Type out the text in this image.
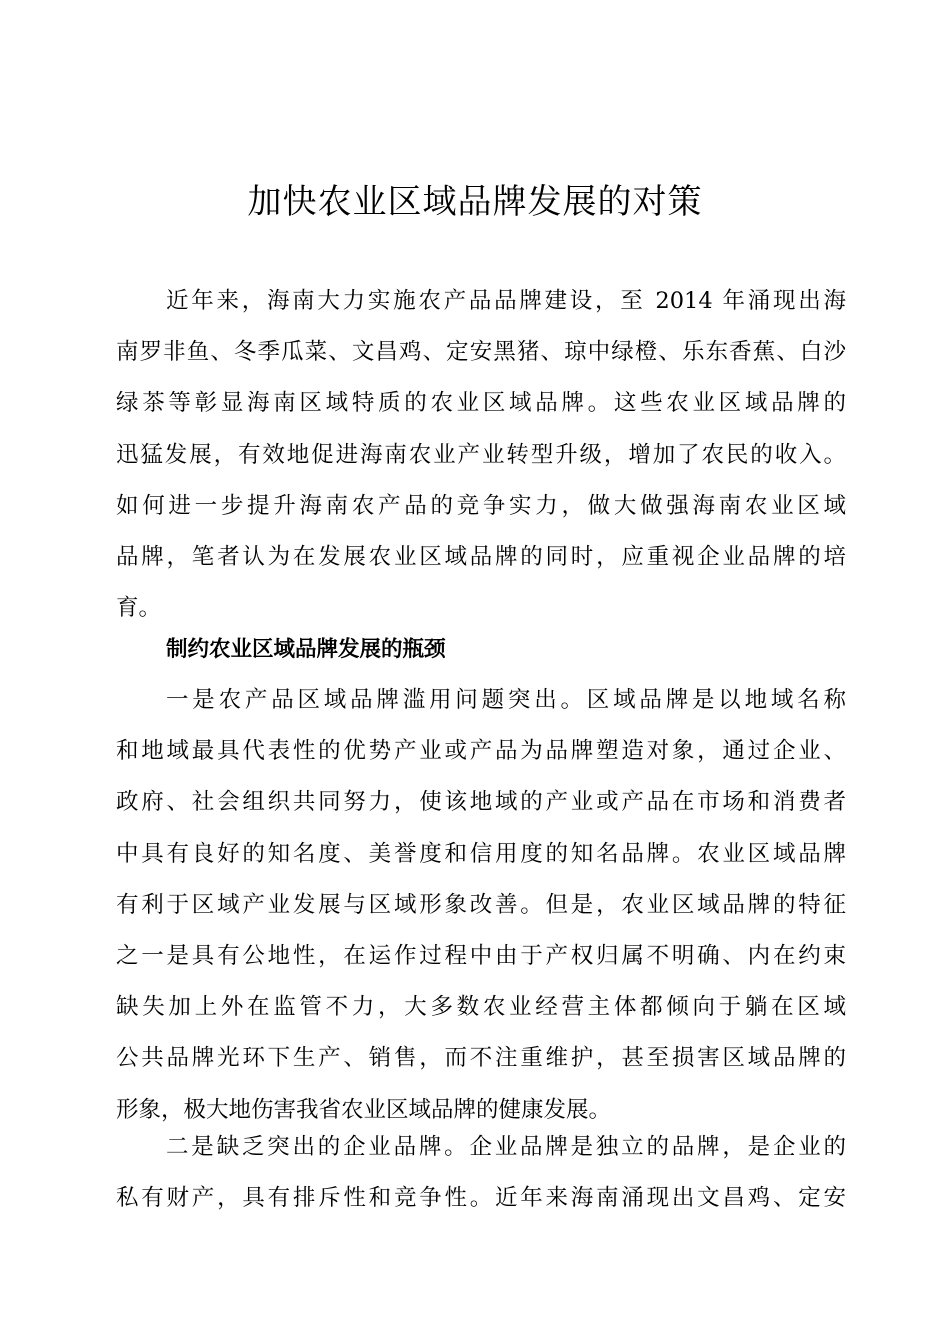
加快农业区域品牌发展的对策
近年来，海南大力实施农产品品牌建设，至 2014 年涌现出海
南罗非鱼、冬季瓜菜、文昌鸡、定安黑猪、琼中绿橙、乐东香蕉、白沙
绿茶等彰显海南区域特质的农业区域品牌。这些农业区域品牌的
迅猛发展，有效地促进海南农业产业转型升级，增加了农民的收入。
如何进一步提升海南农产品的竞争实力，做大做强海南农业区域
品牌，笔者认为在发展农业区域品牌的同时，应重视企业品牌的培
育。
制约农业区域品牌发展的瓶颈
一是农产品区域品牌滥用问题突出。区域品牌是以地域名称
和地域最具代表性的优势产业或产品为品牌塑造对象，通过企业、
政府、社会组织共同努力，使该地域的产业或产品在市场和消费者
中具有良好的知名度、美誉度和信用度的知名品牌。农业区域品牌
有利于区域产业发展与区域形象改善。但是，农业区域品牌的特征
之一是具有公地性，在运作过程中由于产权归属不明确、内在约束
缺失加上外在监管不力，大多数农业经营主体都倾向于躺在区域
公共品牌光环下生产、销售，而不注重维护，甚至损害区域品牌的
形象，极大地伤害我省农业区域品牌的健康发展。
二是缺乏突出的企业品牌。企业品牌是独立的品牌，是企业的
私有财产，具有排斥性和竞争性。近年来海南涌现出文昌鸡、定安
